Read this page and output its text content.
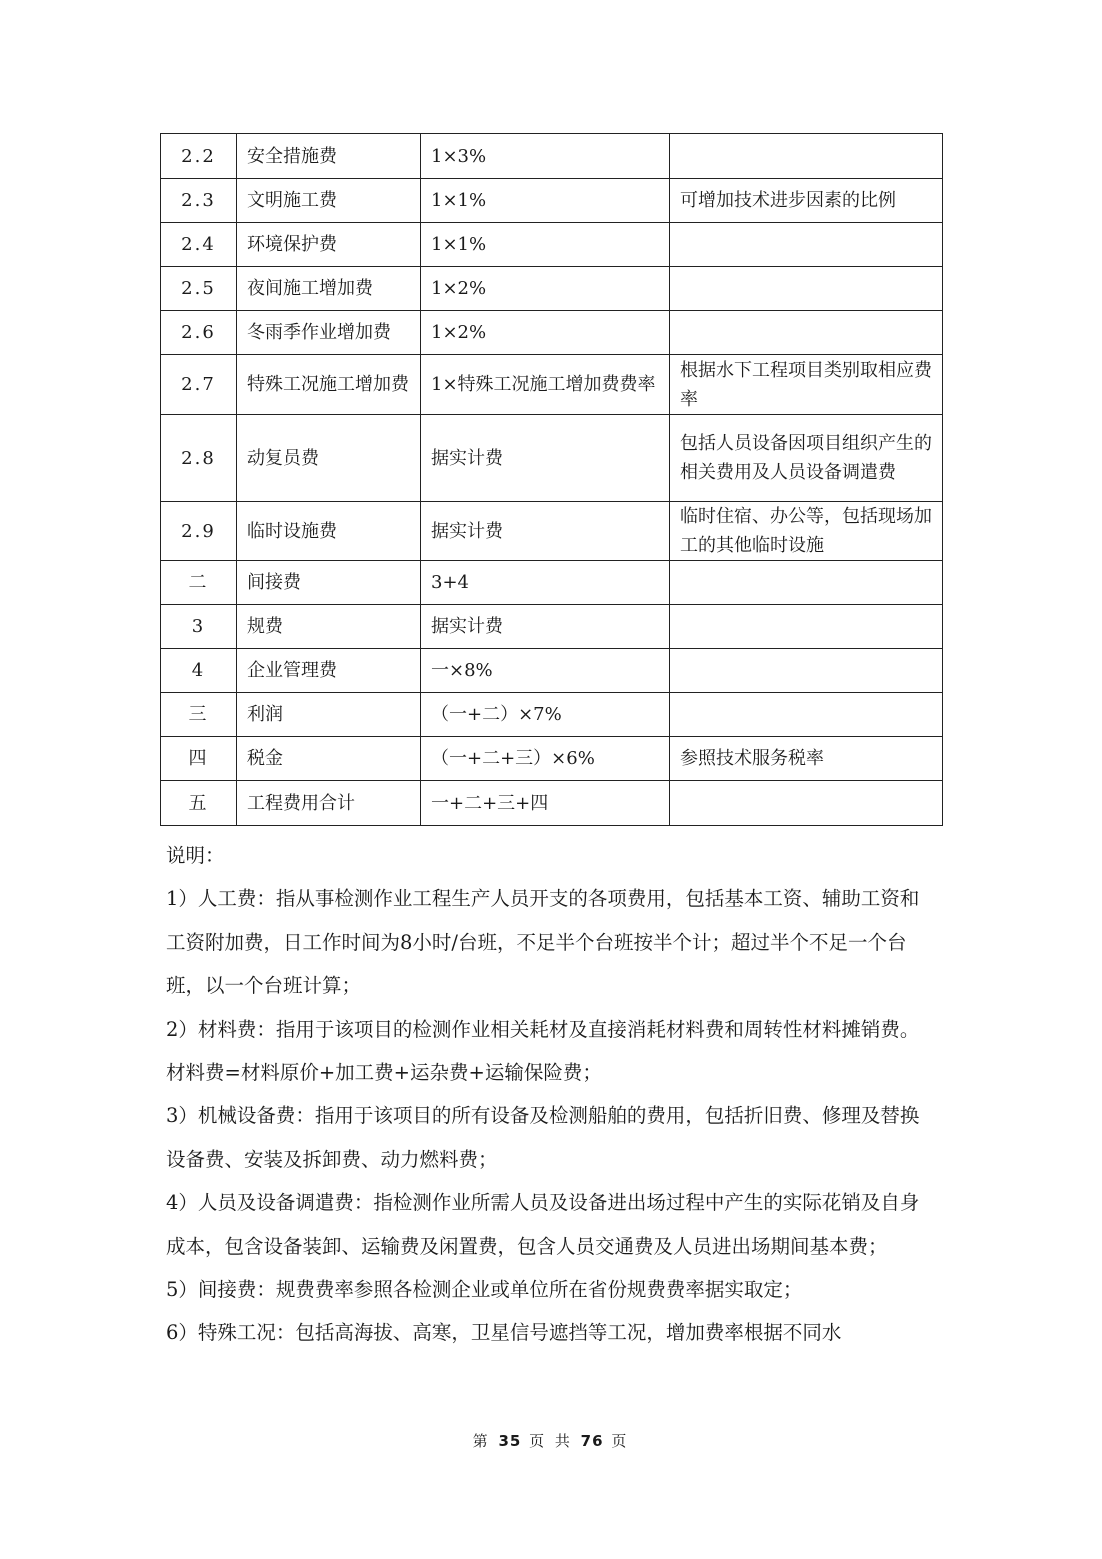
2.2	安全措施费	1×3%	
2.3	文明施工费	1×1%	可增加技术进步因素的比例
2.4	环境保护费	1×1%	
2.5	夜间施工增加费	1×2%	
2.6	冬雨季作业增加费	1×2%	
2.7	特殊工况施工增加费	1×特殊工况施工增加费费率	根据水下工程项目类别取相应费率
2.8	动复员费	据实计费	包括人员设备因项目组织产生的相关费用及人员设备调遣费
2.9	临时设施费	据实计费	临时住宿、办公等，包括现场加工的其他临时设施
二	间接费	3+4	
3	规费	据实计费	
4	企业管理费	一×8%	
三	利润	（一+二）×7%	
四	税金	（一+二+三）×6%	参照技术服务税率
五	工程费用合计	一+二+三+四	

说明：

1）人工费：指从事检测作业工程生产人员开支的各项费用，包括基本工资、辅助工资和工资附加费，日工作时间为8小时/台班，不足半个台班按半个计；超过半个不足一个台班，以一个台班计算；

2）材料费：指用于该项目的检测作业相关耗材及直接消耗材料费和周转性材料摊销费。材料费=材料原价+加工费+运杂费+运输保险费；

3）机械设备费：指用于该项目的所有设备及检测船舶的费用，包括折旧费、修理及替换设备费、安装及拆卸费、动力燃料费；

4）人员及设备调遣费：指检测作业所需人员及设备进出场过程中产生的实际花销及自身成本，包含设备装卸、运输费及闲置费，包含人员交通费及人员进出场期间基本费；

5）间接费：规费费率参照各检测企业或单位所在省份规费费率据实取定；

6）特殊工况：包括高海拔、高寒，卫星信号遮挡等工况，增加费率根据不同水

第 35 页 共 76 页
